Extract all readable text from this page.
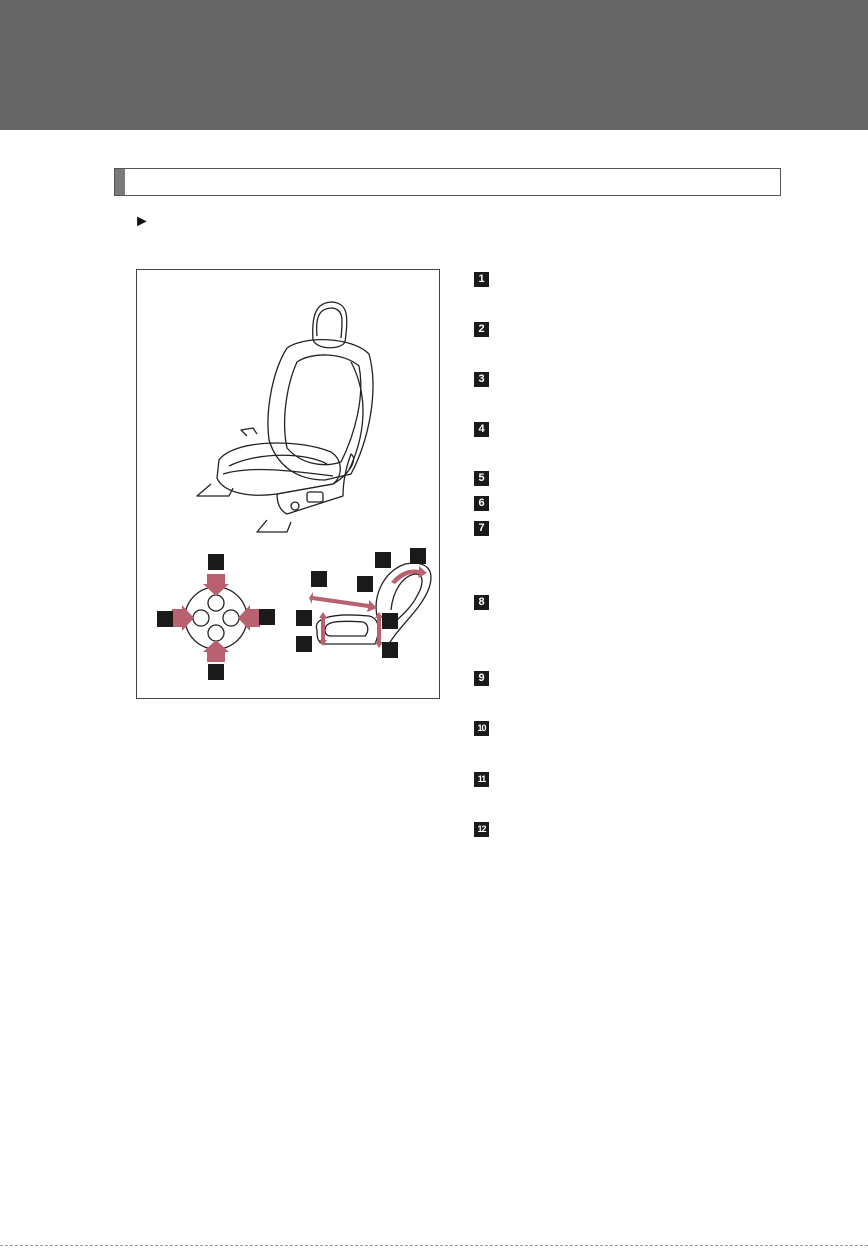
►
1
2
3
4
5
6
7
8
9
10
11
12
